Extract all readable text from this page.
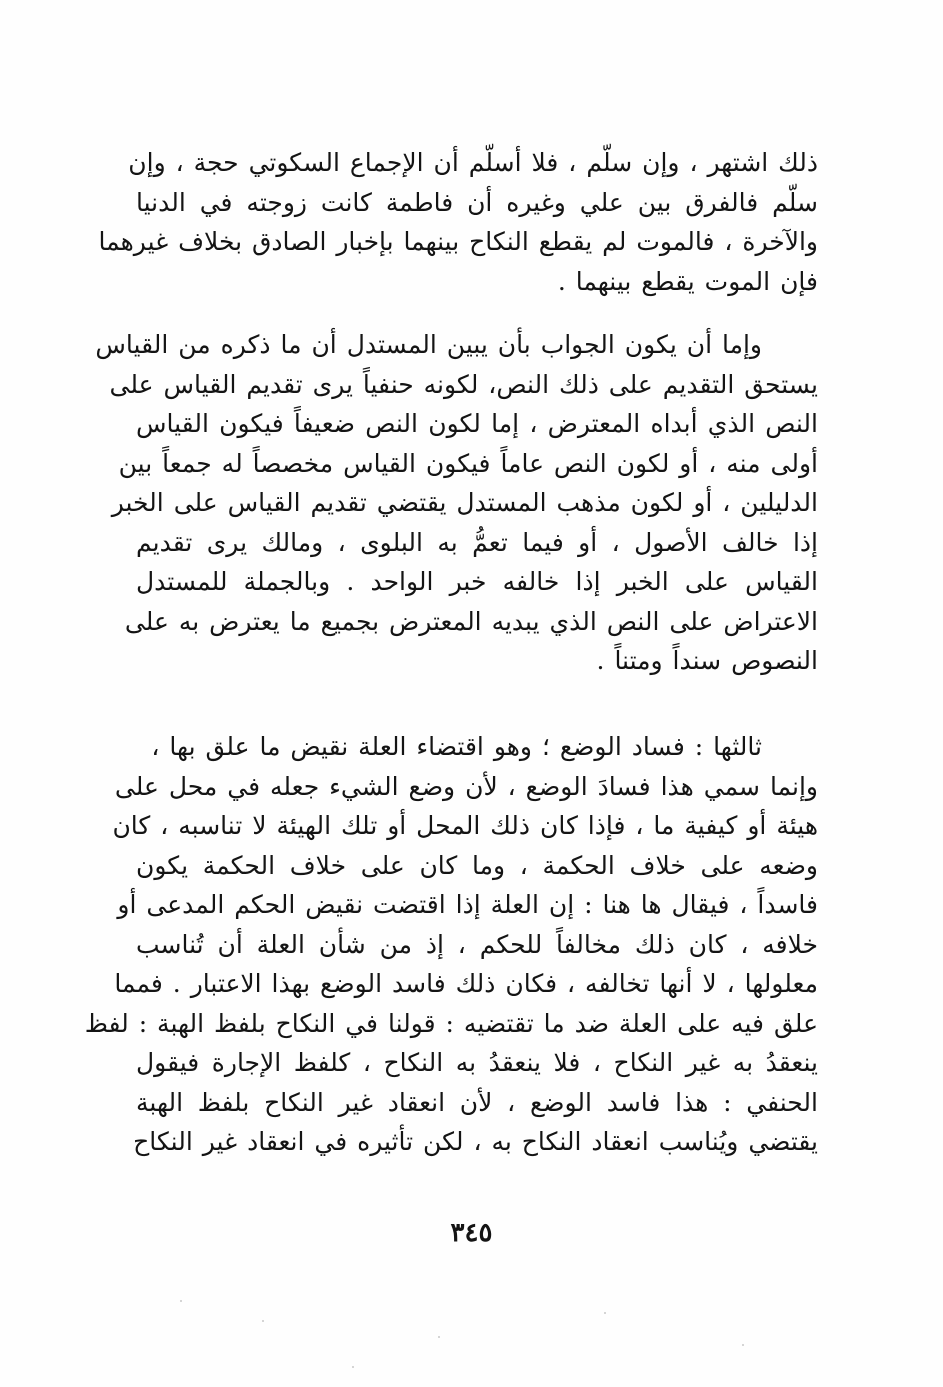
ذلك اشتهر ، وإن سلّم ، فلا أسلّم أن الإجماع السكوتي حجة ، وإن
سلّم فالفرق بين علي وغيره أن فاطمة كانت زوجته في الدنيا
والآخرة ، فالموت لم يقطع النكاح بينهما بإخبار الصادق بخلاف غيرهما
فإن الموت يقطع بينهما .
وإما أن يكون الجواب بأن يبين المستدل أن ما ذكره من القياس
يستحق التقديم على ذلك النص، لكونه حنفياً يرى تقديم القياس على
النص الذي أبداه المعترض ، إما لكون النص ضعيفاً فيكون القياس
أولى منه ، أو لكون النص عاماً فيكون القياس مخصصاً له جمعاً بين
الدليلين ، أو لكون مذهب المستدل يقتضي تقديم القياس على الخبر
إذا خالف الأصول ، أو فيما تعمُّ به البلوى ، ومالك يرى تقديم
القياس على الخبر إذا خالفه خبر الواحد . وبالجملة للمستدل
الاعتراض على النص الذي يبديه المعترض بجميع ما يعترض به على
النصوص سنداً ومتناً .
ثالثها : فساد الوضع ؛ وهو اقتضاء العلة نقيض ما علق بها ،
وإنما سمي هذا فسادَ الوضع ، لأن وضع الشيء جعله في محل على
هيئة أو كيفية ما ، فإذا كان ذلك المحل أو تلك الهيئة لا تناسبه ، كان
وضعه على خلاف الحكمة ، وما كان على خلاف الحكمة يكون
فاسداً ، فيقال ها هنا : إن العلة إذا اقتضت نقيض الحكم المدعى أو
خلافه ، كان ذلك مخالفاً للحكم ، إذ من شأن العلة أن تُناسب
معلولها ، لا أنها تخالفه ، فكان ذلك فاسد الوضع بهذا الاعتبار . فمما
علق فيه على العلة ضد ما تقتضيه : قولنا في النكاح بلفظ الهبة : لفظ
ينعقدُ به غير النكاح ، فلا ينعقدُ به النكاح ، كلفظ الإجارة فيقول
الحنفي : هذا فاسد الوضع ، لأن انعقاد غير النكاح بلفظ الهبة
يقتضي ويُناسب انعقاد النكاح به ، لكن تأثيره في انعقاد غير النكاح
٣٤٥
